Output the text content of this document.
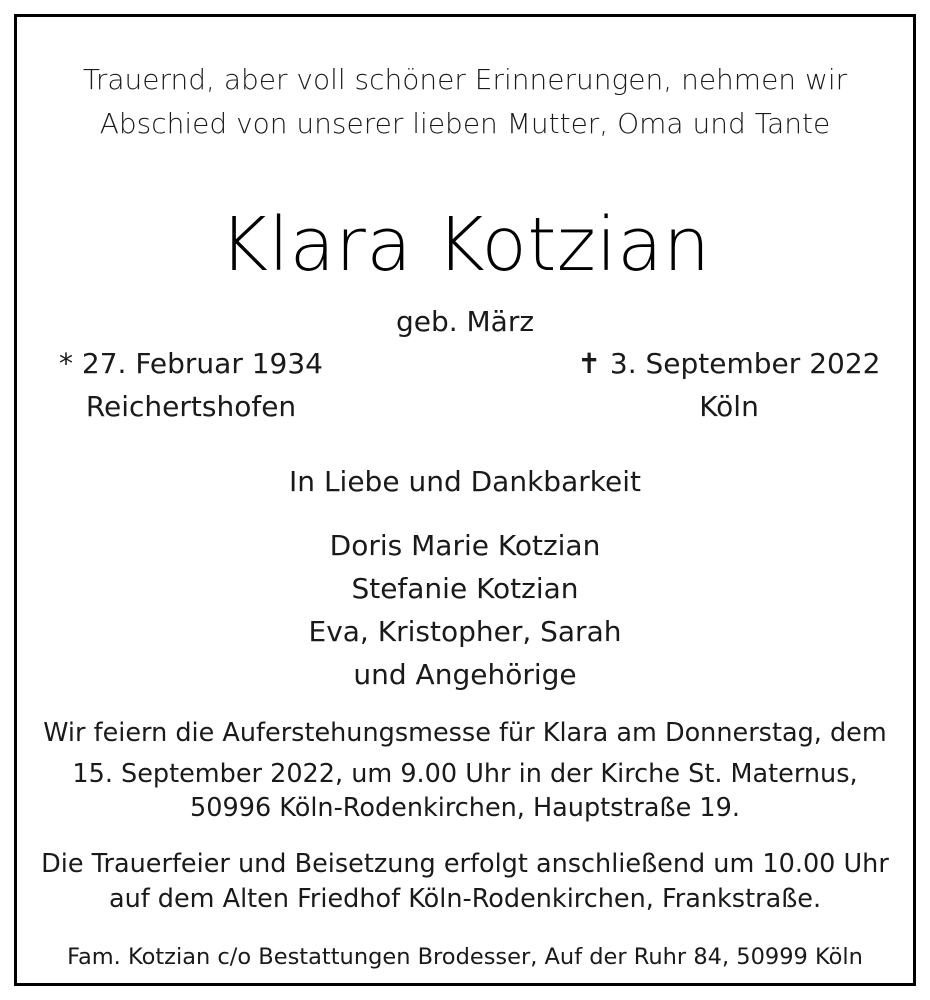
Trauernd, aber voll schöner Erinnerungen, nehmen wir
Abschied von unserer lieben Mutter, Oma und Tante
Klara Kotzian
geb. März
* 27. Februar 1934
Reichertshofen
✝ 3. September 2022
Köln
In Liebe und Dankbarkeit
Doris Marie Kotzian
Stefanie Kotzian
Eva, Kristopher, Sarah
und Angehörige
Wir feiern die Auferstehungsmesse für Klara am Donnerstag, dem
15. September 2022, um 9.00 Uhr in der Kirche St. Maternus,
50996 Köln-Rodenkirchen, Hauptstraße 19.
Die Trauerfeier und Beisetzung erfolgt anschließend um 10.00 Uhr
auf dem Alten Friedhof Köln-Rodenkirchen, Frankstraße.
Fam. Kotzian c/o Bestattungen Brodesser, Auf der Ruhr 84, 50999 Köln
